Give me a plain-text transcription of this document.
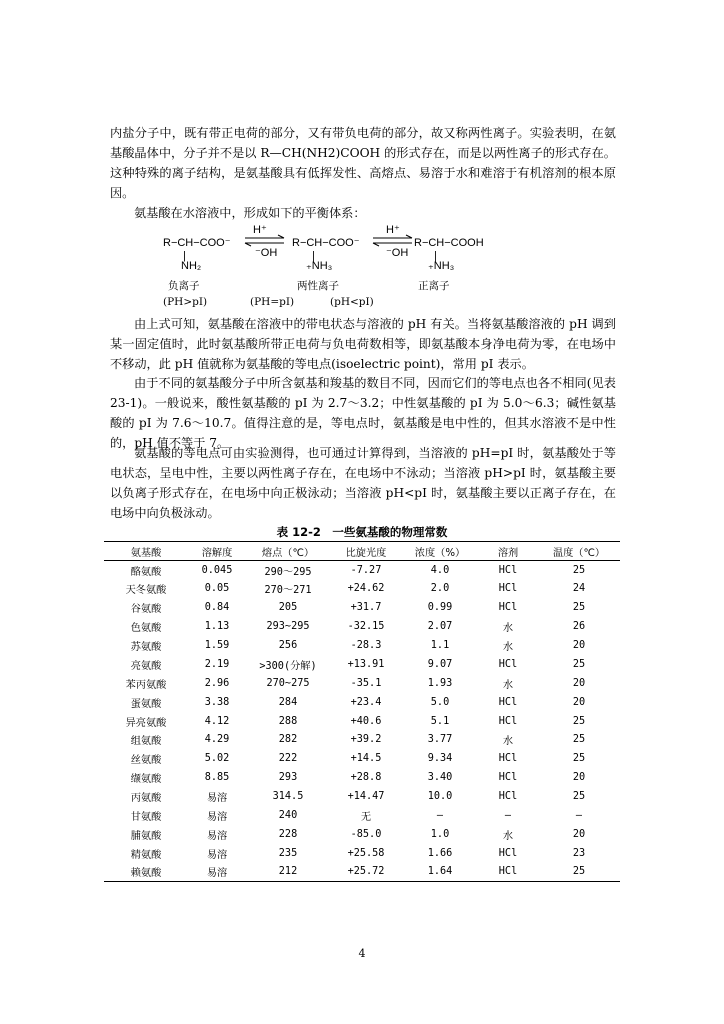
内盐分子中，既有带正电荷的部分，又有带负电荷的部分，故又称两性离子。实验表明，在氨基酸晶体中，分子并不是以 R—CH(NH2)COOH 的形式存在，而是以两性离子的形式存在。这种特殊的离子结构，是氨基酸具有低挥发性、高熔点、易溶于水和难溶于有机溶剂的根本原因。

氨基酸在水溶液中，形成如下的平衡体系：

R−CH−COO⁻
|
NH₂
H⁺
⁻OH
R−CH−COO⁻
|
₊NH₃
H⁺
⁻OH
R−CH−COOH
|
₊NH₃
负离子	两性离子	正离子
(PH>pI)	(PH=pI)	(pH<pI)

由上式可知，氨基酸在溶液中的带电状态与溶液的 pH 有关。当将氨基酸溶液的 pH 调到某一固定值时，此时氨基酸所带正电荷与负电荷数相等，即氨基酸本身净电荷为零，在电场中不移动，此 pH 值就称为氨基酸的等电点(isoelectric point)，常用 pI 表示。

由于不同的氨基酸分子中所含氨基和羧基的数目不同，因而它们的等电点也各不相同(见表 23-1)。一般说来，酸性氨基酸的 pI 为 2.7～3.2；中性氨基酸的 pI 为 5.0～6.3；碱性氨基酸的 pI 为 7.6～10.7。值得注意的是，等电点时，氨基酸是电中性的，但其水溶液不是中性的，pH 值不等于 7。

氨基酸的等电点可由实验测得，也可通过计算得到，当溶液的 pH=pI 时，氨基酸处于等电状态，呈电中性，主要以两性离子存在，在电场中不泳动；当溶液 pH>pI 时，氨基酸主要以负离子形式存在，在电场中向正极泳动；当溶液 pH<pI 时，氨基酸主要以正离子存在，在电场中向负极泳动。

表 12-2　一些氨基酸的物理常数
氨基酸	溶解度	熔点（℃）	比旋光度	浓度（%）	溶剂	温度（℃）
酪氨酸	0.045	290～295	-7.27	4.0	HCl	25
天冬氨酸	0.05	270～271	+24.62	2.0	HCl	24
谷氨酸	0.84	205	+31.7	0.99	HCl	25
色氨酸	1.13	293~295	-32.15	2.07	水	26
苏氨酸	1.59	256	-28.3	1.1	水	20
亮氨酸	2.19	>300(分解)	+13.91	9.07	HCl	25
苯丙氨酸	2.96	270~275	-35.1	1.93	水	20
蛋氨酸	3.38	284	+23.4	5.0	HCl	20
异亮氨酸	4.12	288	+40.6	5.1	HCl	25
组氨酸	4.29	282	+39.2	3.77	水	25
丝氨酸	5.02	222	+14.5	9.34	HCl	25
缬氨酸	8.85	293	+28.8	3.40	HCl	20
丙氨酸	易溶	314.5	+14.47	10.0	HCl	25
甘氨酸	易溶	240	无	—	—	—
脯氨酸	易溶	228	-85.0	1.0	水	20
精氨酸	易溶	235	+25.58	1.66	HCl	23
赖氨酸	易溶	212	+25.72	1.64	HCl	25
4
